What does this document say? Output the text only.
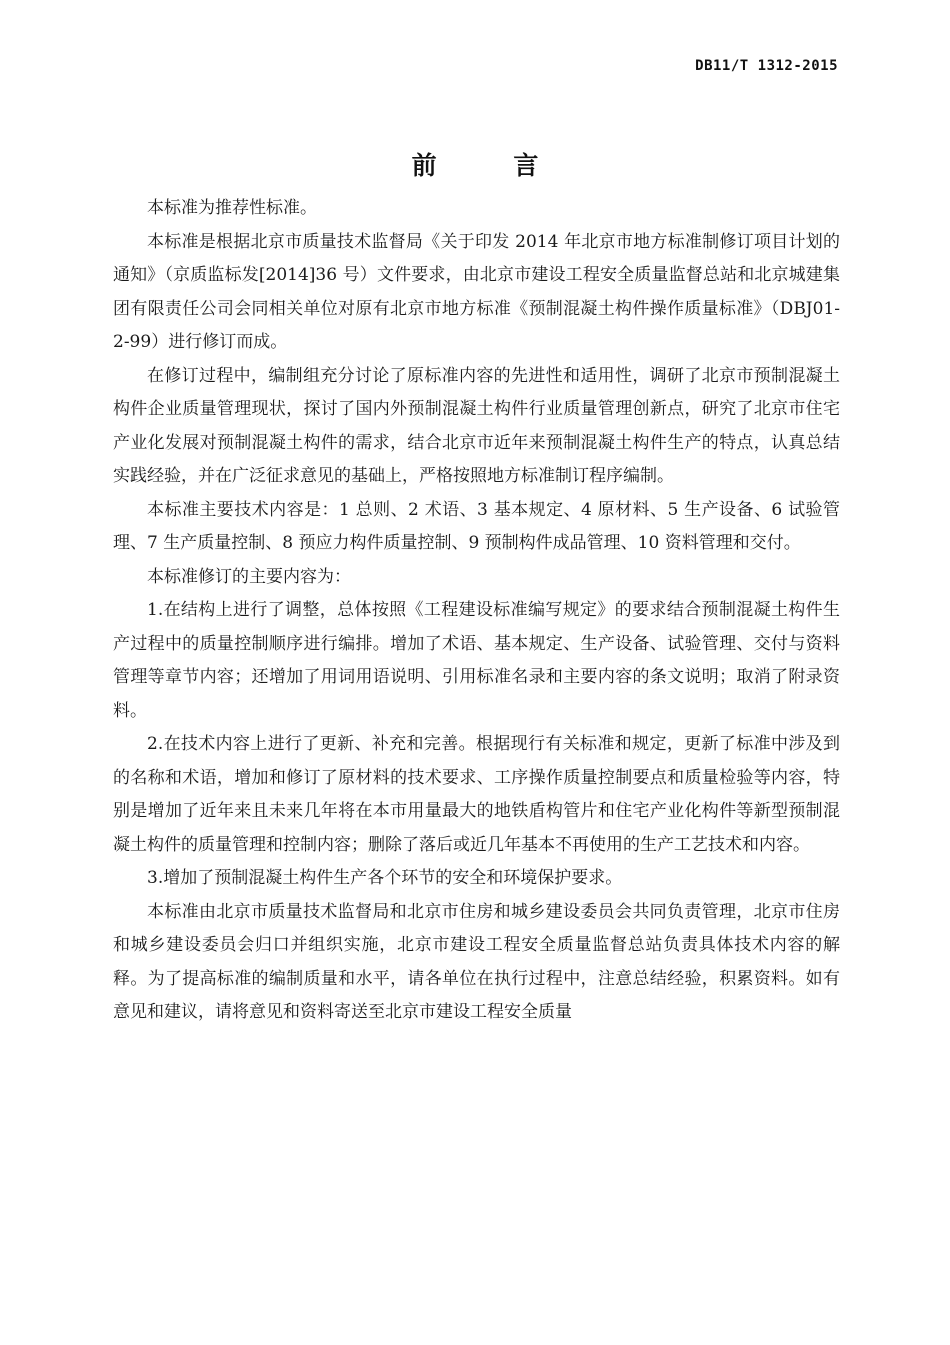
DB11/T 1312-2015
前 言

本标准为推荐性标准。

本标准是根据北京市质量技术监督局《关于印发 2014 年北京市地方标准制修订项目计划的通知》（京质监标发[2014]36 号）文件要求，由北京市建设工程安全质量监督总站和北京城建集团有限责任公司会同相关单位对原有北京市地方标准《预制混凝土构件操作质量标准》（DBJ01-2-99）进行修订而成。

在修订过程中，编制组充分讨论了原标准内容的先进性和适用性，调研了北京市预制混凝土构件企业质量管理现状，探讨了国内外预制混凝土构件行业质量管理创新点，研究了北京市住宅产业化发展对预制混凝土构件的需求，结合北京市近年来预制混凝土构件生产的特点，认真总结实践经验，并在广泛征求意见的基础上，严格按照地方标准制订程序编制。

本标准主要技术内容是：1 总则、2 术语、3 基本规定、4 原材料、5 生产设备、6 试验管理、7 生产质量控制、8 预应力构件质量控制、9 预制构件成品管理、10 资料管理和交付。

本标准修订的主要内容为：

1.在结构上进行了调整，总体按照《工程建设标准编写规定》的要求结合预制混凝土构件生产过程中的质量控制顺序进行编排。增加了术语、基本规定、生产设备、试验管理、交付与资料管理等章节内容；还增加了用词用语说明、引用标准名录和主要内容的条文说明；取消了附录资料。

2.在技术内容上进行了更新、补充和完善。根据现行有关标准和规定，更新了标准中涉及到的名称和术语，增加和修订了原材料的技术要求、工序操作质量控制要点和质量检验等内容，特别是增加了近年来且未来几年将在本市用量最大的地铁盾构管片和住宅产业化构件等新型预制混凝土构件的质量管理和控制内容；删除了落后或近几年基本不再使用的生产工艺技术和内容。

3.增加了预制混凝土构件生产各个环节的安全和环境保护要求。

本标准由北京市质量技术监督局和北京市住房和城乡建设委员会共同负责管理，北京市住房和城乡建设委员会归口并组织实施，北京市建设工程安全质量监督总站负责具体技术内容的解释。为了提高标准的编制质量和水平，请各单位在执行过程中，注意总结经验，积累资料。如有意见和建议，请将意见和资料寄送至北京市建设工程安全质量
